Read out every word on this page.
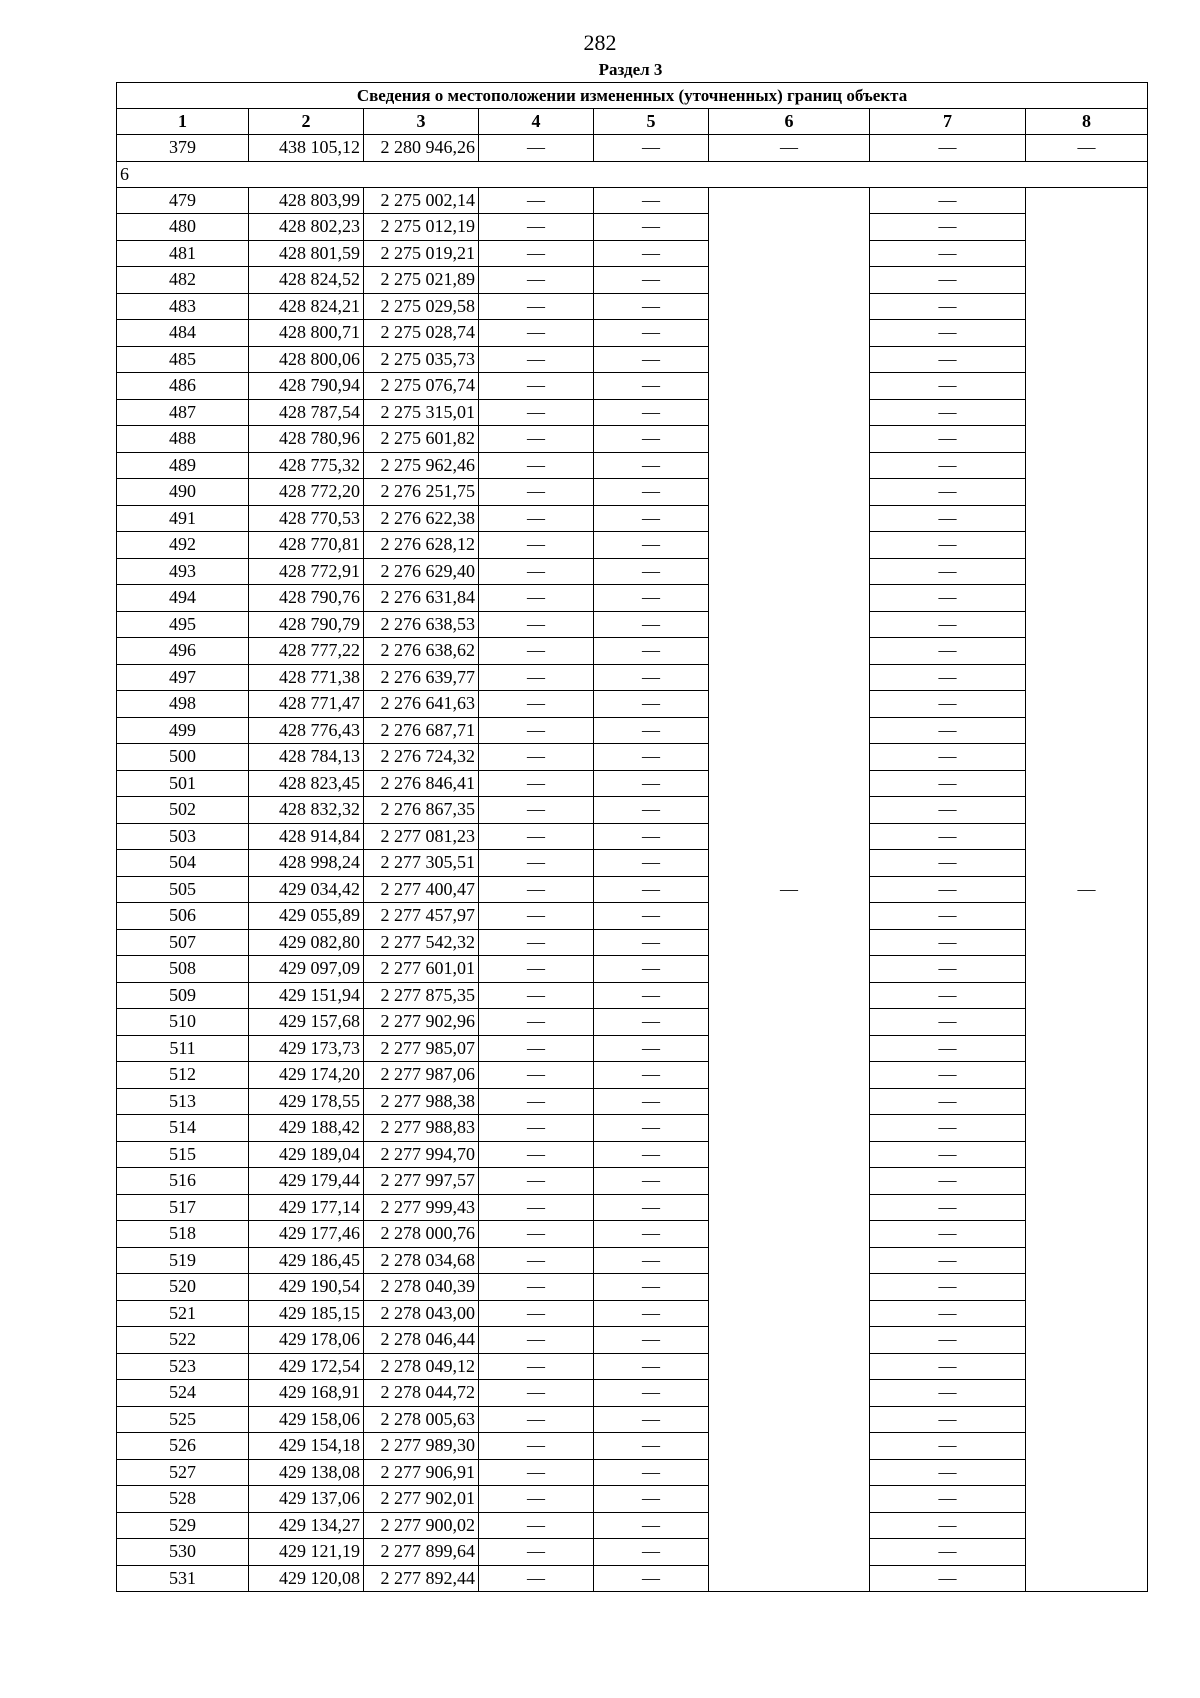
282
Раздел 3
Сведения о местоположении измененных (уточненных) границ объекта							
1	2	3	4	5	6	7	8
379	438 105,12	2 280 946,26	—	—	—	—	—
6							
479	428 803,99	2 275 002,14	—	—	—	—	—
480	428 802,23	2 275 012,19	—	—		—	
481	428 801,59	2 275 019,21	—	—		—	
482	428 824,52	2 275 021,89	—	—		—	
483	428 824,21	2 275 029,58	—	—		—	
484	428 800,71	2 275 028,74	—	—		—	
485	428 800,06	2 275 035,73	—	—		—	
486	428 790,94	2 275 076,74	—	—		—	
487	428 787,54	2 275 315,01	—	—		—	
488	428 780,96	2 275 601,82	—	—		—	
489	428 775,32	2 275 962,46	—	—		—	
490	428 772,20	2 276 251,75	—	—		—	
491	428 770,53	2 276 622,38	—	—		—	
492	428 770,81	2 276 628,12	—	—		—	
493	428 772,91	2 276 629,40	—	—		—	
494	428 790,76	2 276 631,84	—	—		—	
495	428 790,79	2 276 638,53	—	—		—	
496	428 777,22	2 276 638,62	—	—		—	
497	428 771,38	2 276 639,77	—	—		—	
498	428 771,47	2 276 641,63	—	—		—	
499	428 776,43	2 276 687,71	—	—		—	
500	428 784,13	2 276 724,32	—	—		—	
501	428 823,45	2 276 846,41	—	—		—	
502	428 832,32	2 276 867,35	—	—		—	
503	428 914,84	2 277 081,23	—	—		—	
504	428 998,24	2 277 305,51	—	—		—	
505	429 034,42	2 277 400,47	—	—		—	
506	429 055,89	2 277 457,97	—	—		—	
507	429 082,80	2 277 542,32	—	—		—	
508	429 097,09	2 277 601,01	—	—		—	
509	429 151,94	2 277 875,35	—	—		—	
510	429 157,68	2 277 902,96	—	—		—	
511	429 173,73	2 277 985,07	—	—		—	
512	429 174,20	2 277 987,06	—	—		—	
513	429 178,55	2 277 988,38	—	—		—	
514	429 188,42	2 277 988,83	—	—		—	
515	429 189,04	2 277 994,70	—	—		—	
516	429 179,44	2 277 997,57	—	—		—	
517	429 177,14	2 277 999,43	—	—		—	
518	429 177,46	2 278 000,76	—	—		—	
519	429 186,45	2 278 034,68	—	—		—	
520	429 190,54	2 278 040,39	—	—		—	
521	429 185,15	2 278 043,00	—	—		—	
522	429 178,06	2 278 046,44	—	—		—	
523	429 172,54	2 278 049,12	—	—		—	
524	429 168,91	2 278 044,72	—	—		—	
525	429 158,06	2 278 005,63	—	—		—	
526	429 154,18	2 277 989,30	—	—		—	
527	429 138,08	2 277 906,91	—	—		—	
528	429 137,06	2 277 902,01	—	—		—	
529	429 134,27	2 277 900,02	—	—		—	
530	429 121,19	2 277 899,64	—	—		—	
531	429 120,08	2 277 892,44	—	—		—	
